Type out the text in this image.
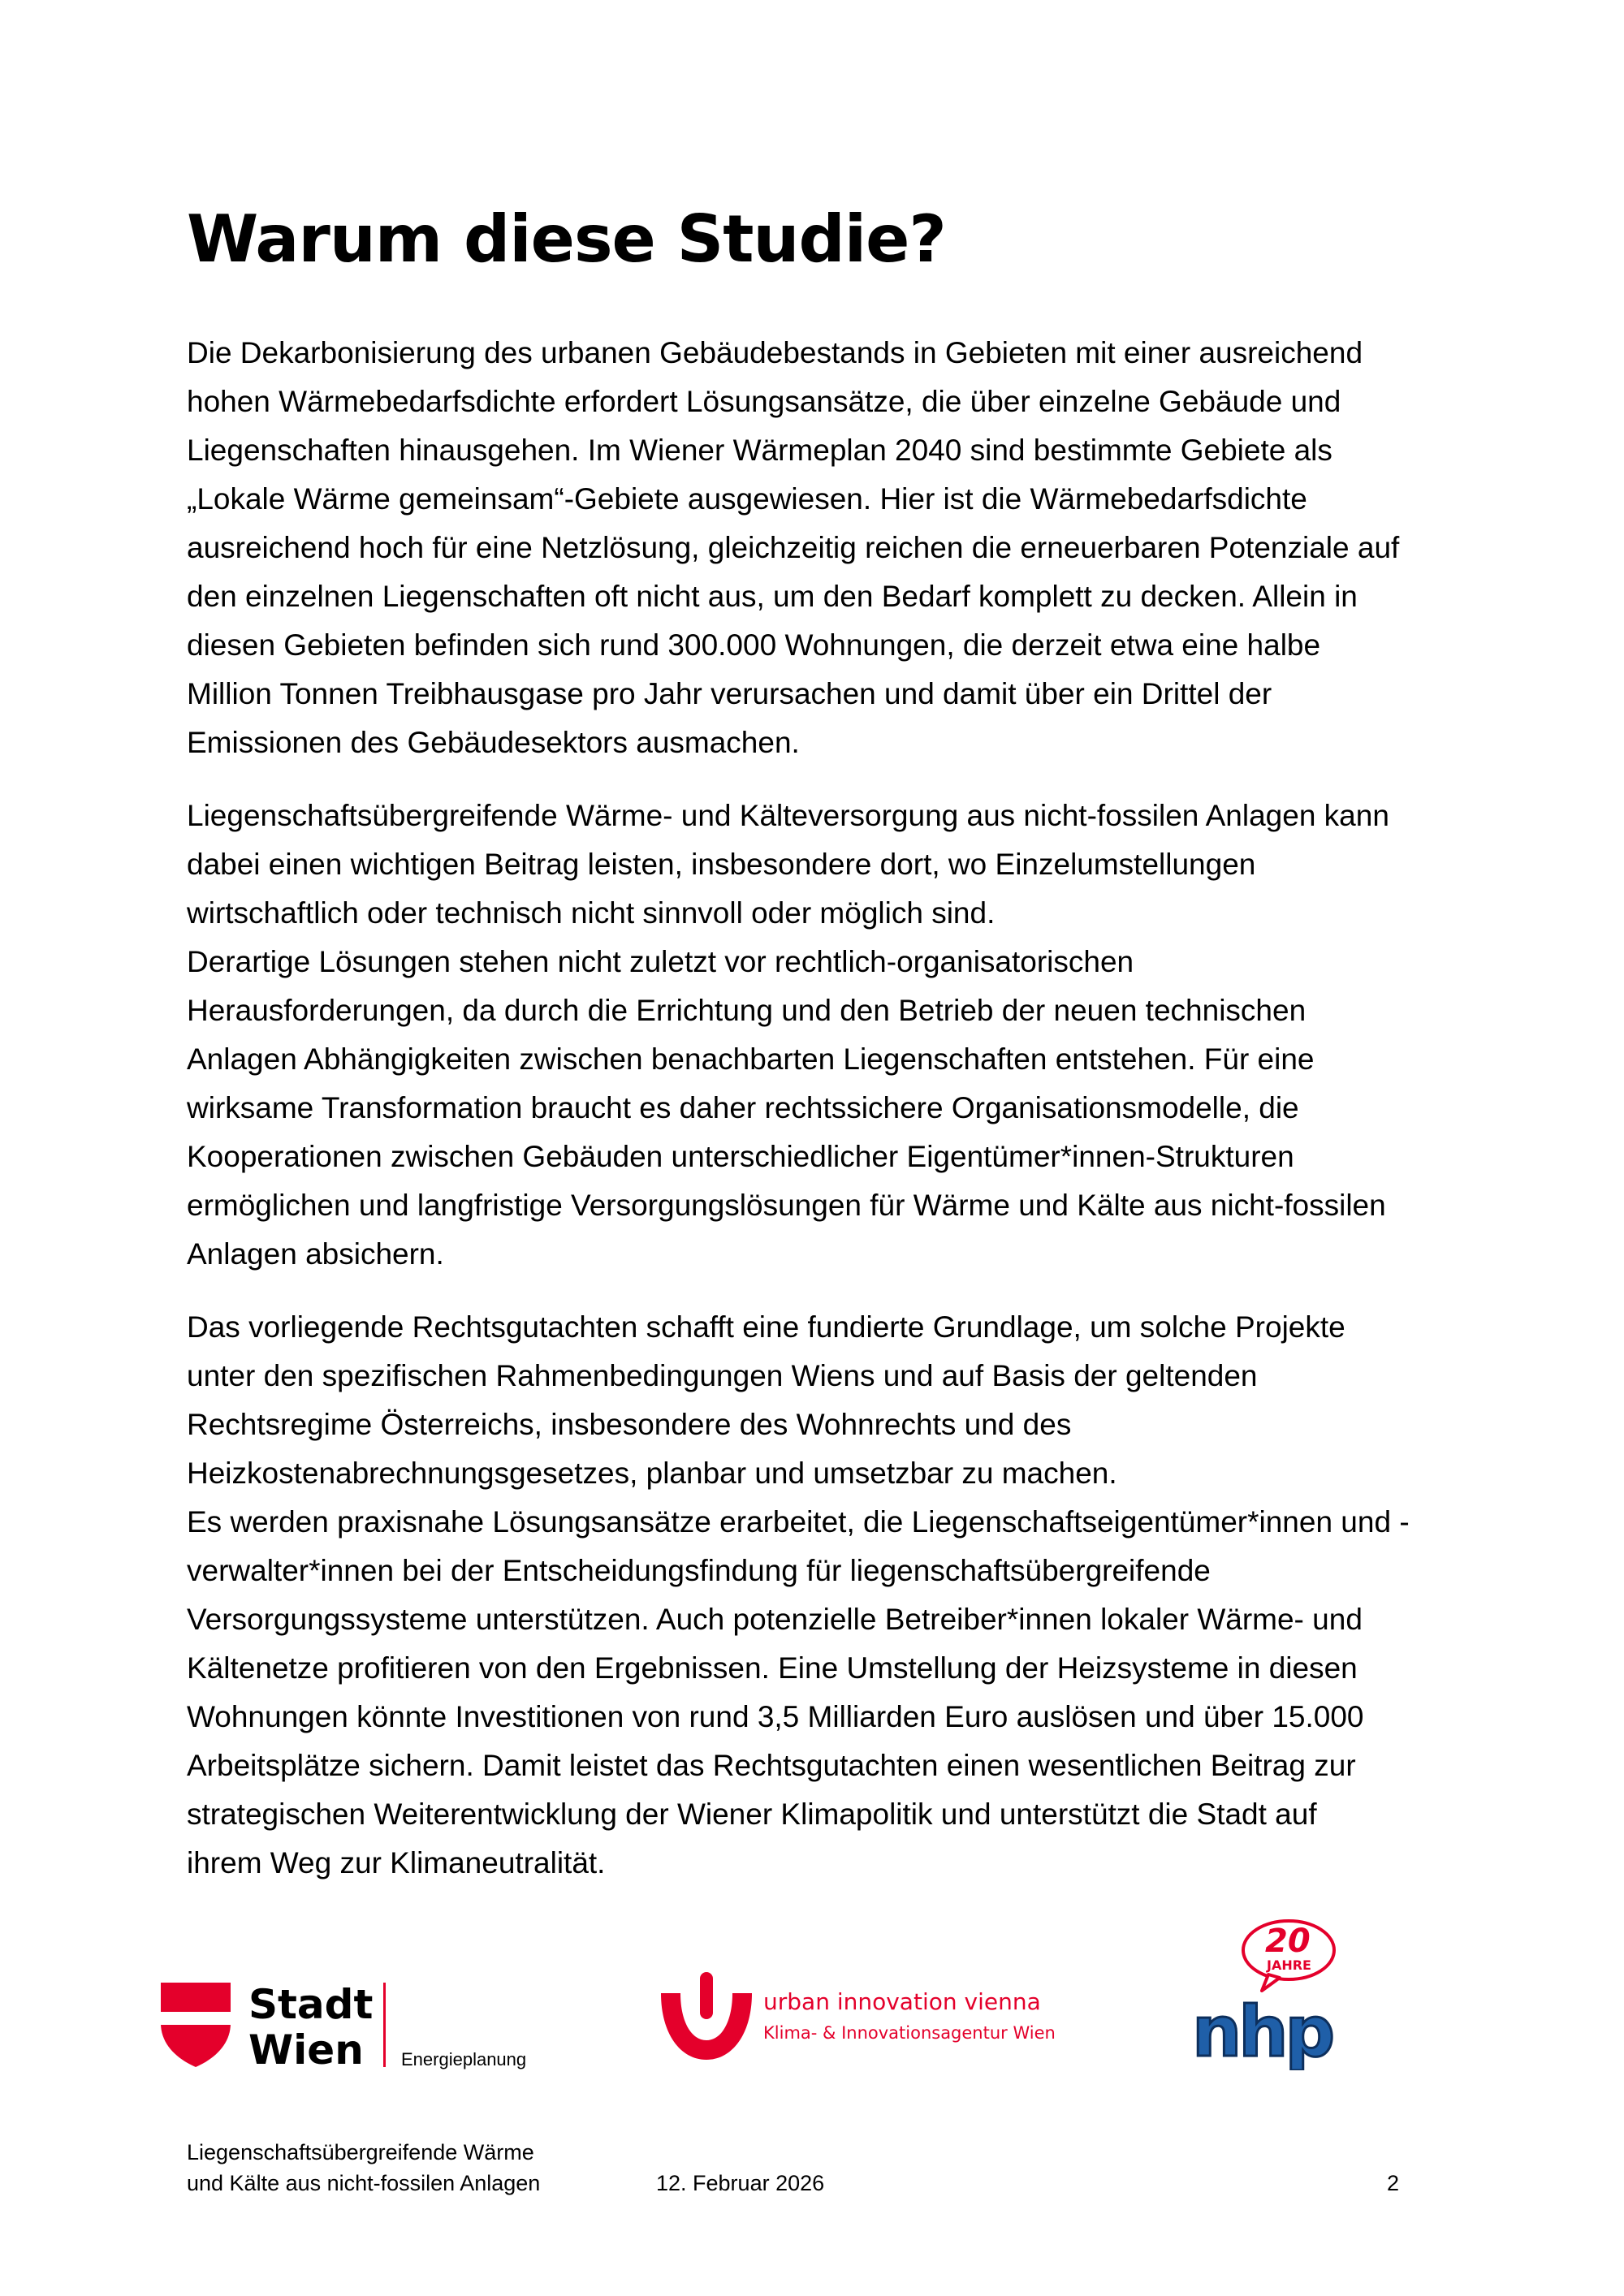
Warum diese Studie?

Die Dekarbonisierung des urbanen Gebäudebestands in Gebieten mit einer ausreichend
hohen Wärmebedarfsdichte erfordert Lösungsansätze, die über einzelne Gebäude und
Liegenschaften hinausgehen. Im Wiener Wärmeplan 2040 sind bestimmte Gebiete als
„Lokale Wärme gemeinsam“-Gebiete ausgewiesen. Hier ist die Wärmebedarfsdichte
ausreichend hoch für eine Netzlösung, gleichzeitig reichen die erneuerbaren Potenziale auf
den einzelnen Liegenschaften oft nicht aus, um den Bedarf komplett zu decken. Allein in
diesen Gebieten befinden sich rund 300.000 Wohnungen, die derzeit etwa eine halbe
Million Tonnen Treibhausgase pro Jahr verursachen und damit über ein Drittel der
Emissionen des Gebäudesektors ausmachen.

Liegenschaftsübergreifende Wärme- und Kälteversorgung aus nicht-fossilen Anlagen kann
dabei einen wichtigen Beitrag leisten, insbesondere dort, wo Einzelumstellungen
wirtschaftlich oder technisch nicht sinnvoll oder möglich sind.
Derartige Lösungen stehen nicht zuletzt vor rechtlich-organisatorischen
Herausforderungen, da durch die Errichtung und den Betrieb der neuen technischen
Anlagen Abhängigkeiten zwischen benachbarten Liegenschaften entstehen. Für eine
wirksame Transformation braucht es daher rechtssichere Organisationsmodelle, die
Kooperationen zwischen Gebäuden unterschiedlicher Eigentümer*innen-Strukturen
ermöglichen und langfristige Versorgungslösungen für Wärme und Kälte aus nicht-fossilen
Anlagen absichern.

Das vorliegende Rechtsgutachten schafft eine fundierte Grundlage, um solche Projekte
unter den spezifischen Rahmenbedingungen Wiens und auf Basis der geltenden
Rechtsregime Österreichs, insbesondere des Wohnrechts und des
Heizkostenabrechnungsgesetzes, planbar und umsetzbar zu machen.
Es werden praxisnahe Lösungsansätze erarbeitet, die Liegenschaftseigentümer*innen und -
verwalter*innen bei der Entscheidungsfindung für liegenschaftsübergreifende
Versorgungssysteme unterstützen. Auch potenzielle Betreiber*innen lokaler Wärme- und
Kältenetze profitieren von den Ergebnissen. Eine Umstellung der Heizsysteme in diesen
Wohnungen könnte Investitionen von rund 3,5 Milliarden Euro auslösen und über 15.000
Arbeitsplätze sichern. Damit leistet das Rechtsgutachten einen wesentlichen Beitrag zur
strategischen Weiterentwicklung der Wiener Klimapolitik und unterstützt die Stadt auf
ihrem Weg zur Klimaneutralität.

Stadt
Wien Energieplanung
urban innovation vienna
Klima- & Innovationsagentur Wien
20
JAHRE
nhp
Liegenschaftsübergreifende Wärme
und Kälte aus nicht-fossilen Anlagen	12. Februar 2026	2
